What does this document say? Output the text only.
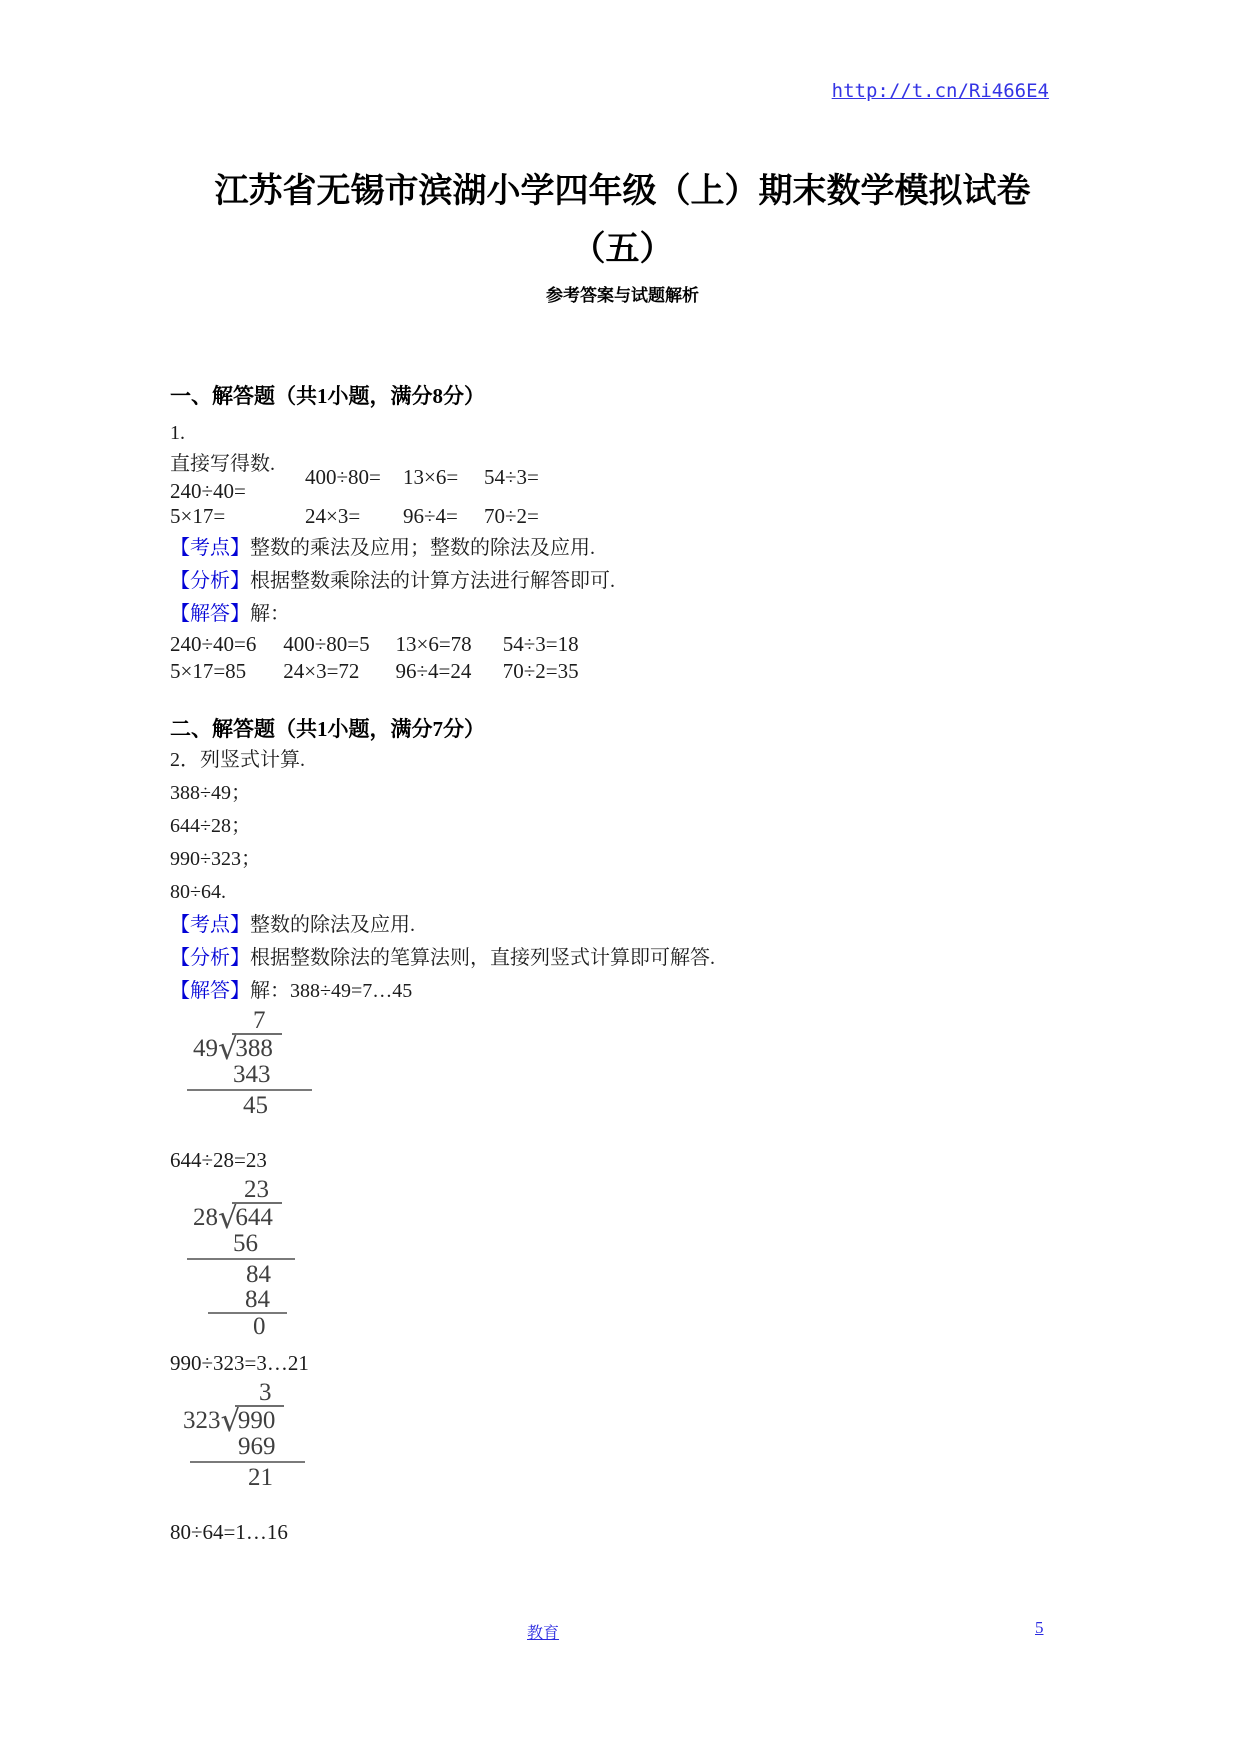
http://t.cn/Ri466E4
江苏省无锡市滨湖小学四年级（上）期末数学模拟试卷
（五）
参考答案与试题解析

一、解答题（共1小题，满分8分）

1.

直接写得数.
400÷80= 13×6= 54÷3=
240÷40=
5×17=	24×3= 96÷4= 70÷2=

【考点】整数的乘法及应用；整数的除法及应用.

【分析】根据整数乘除法的计算方法进行解答即可.

【解答】解：

240÷40=6 400÷80=5 13×6=78 54÷3=18

5×17=85 24×3=72 96÷4=24 70÷2=35

二、解答题（共1小题，满分7分）

2．列竖式计算.

388÷49；

644÷28；

990÷323；

80÷64.

【考点】整数的除法及应用.

【分析】根据整数除法的笔算法则，直接列竖式计算即可解答.

【解答】解：388÷49=7…45

7
49√388
343
45

644÷28=23

23
28√644
56
84
84
0

990÷323=3…21

3
323√990
969
21

80÷64=1…16

教育	5
